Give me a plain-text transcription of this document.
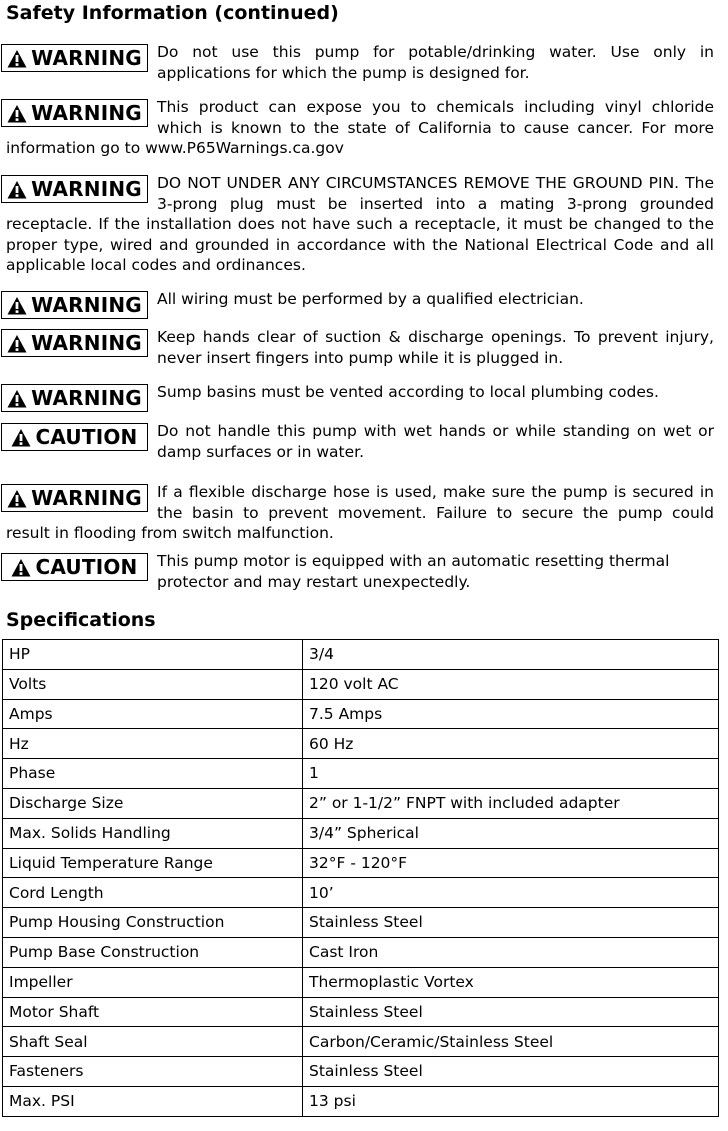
Safety Information (continued)
WARNING Do not use this pump for potable/drinking water. Use only in applications for which the pump is designed for.

WARNING This product can expose you to chemicals including vinyl chloride which is known to the state of California to cause cancer. For more information go to www.P65Warnings.ca.gov

WARNING DO NOT UNDER ANY CIRCUMSTANCES REMOVE THE GROUND PIN. The 3-prong plug must be inserted into a mating 3-prong grounded receptacle. If the installation does not have such a receptacle, it must be changed to the proper type, wired and grounded in accordance with the National Electrical Code and all applicable local codes and ordinances.

WARNING All wiring must be performed by a qualified electrician.

WARNING Keep hands clear of suction & discharge openings. To prevent injury, never insert fingers into pump while it is plugged in.

WARNING Sump basins must be vented according to local plumbing codes.

CAUTION	Do not handle this pump with wet hands or while standing on wet or damp surfaces or in water.

WARNING If a flexible discharge hose is used, make sure the pump is secured in the basin to prevent movement. Failure to secure the pump could result in flooding from switch malfunction.

CAUTION	This pump motor is equipped with an automatic resetting thermal protector and may restart unexpectedly.

Specifications
HP	3/4
Volts	120 volt AC
Amps	7.5 Amps
Hz	60 Hz
Phase	1
Discharge Size	2” or 1-1/2” FNPT with included adapter
Max. Solids Handling	3/4” Spherical
Liquid Temperature Range	32°F - 120°F
Cord Length	10’
Pump Housing Construction	Stainless Steel
Pump Base Construction	Cast Iron
Impeller	Thermoplastic Vortex
Motor Shaft	Stainless Steel
Shaft Seal	Carbon/Ceramic/Stainless Steel
Fasteners	Stainless Steel
Max. PSI	13 psi
